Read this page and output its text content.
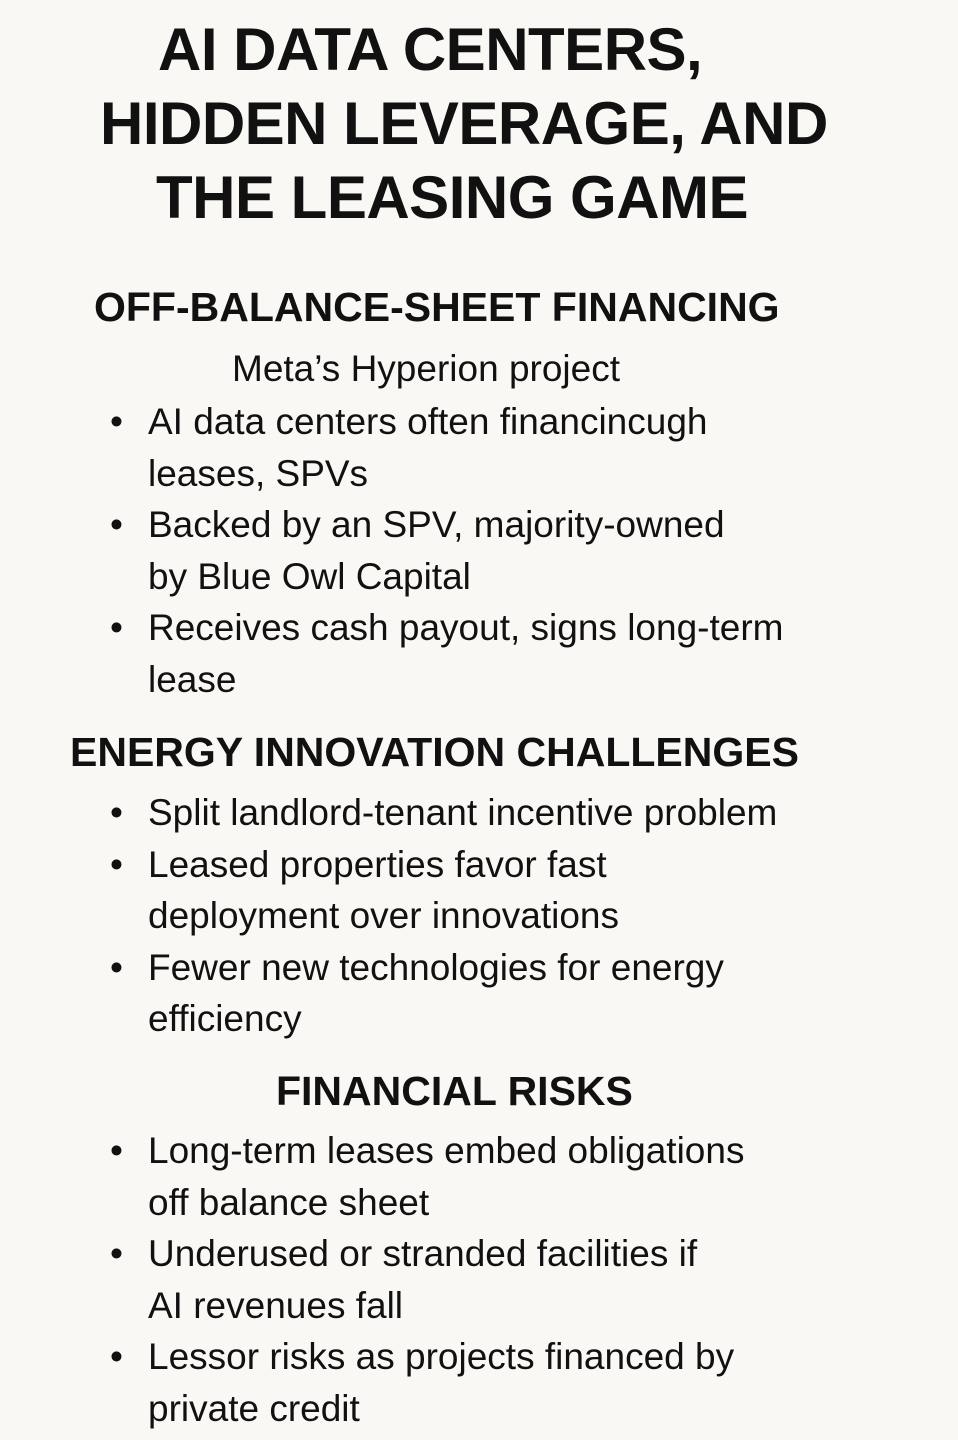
AI DATA CENTERS,
HIDDEN LEVERAGE, AND
THE LEASING GAME
OFF-BALANCE-SHEET FINANCING
Meta’s Hyperion project
• AI data centers often financincugh
leases, SPVs
• Backed by an SPV, majority-owned
by Blue Owl Capital
• Receives cash payout, signs long-term
lease
ENERGY INNOVATION CHALLENGES
• Split landlord-tenant incentive problem
• Leased properties favor fast
deployment over innovations
• Fewer new technologies for energy
efficiency
FINANCIAL RISKS
• Long-term leases embed obligations
off balance sheet
• Underused or stranded facilities if
AI revenues fall
• Lessor risks as projects financed by
private credit
